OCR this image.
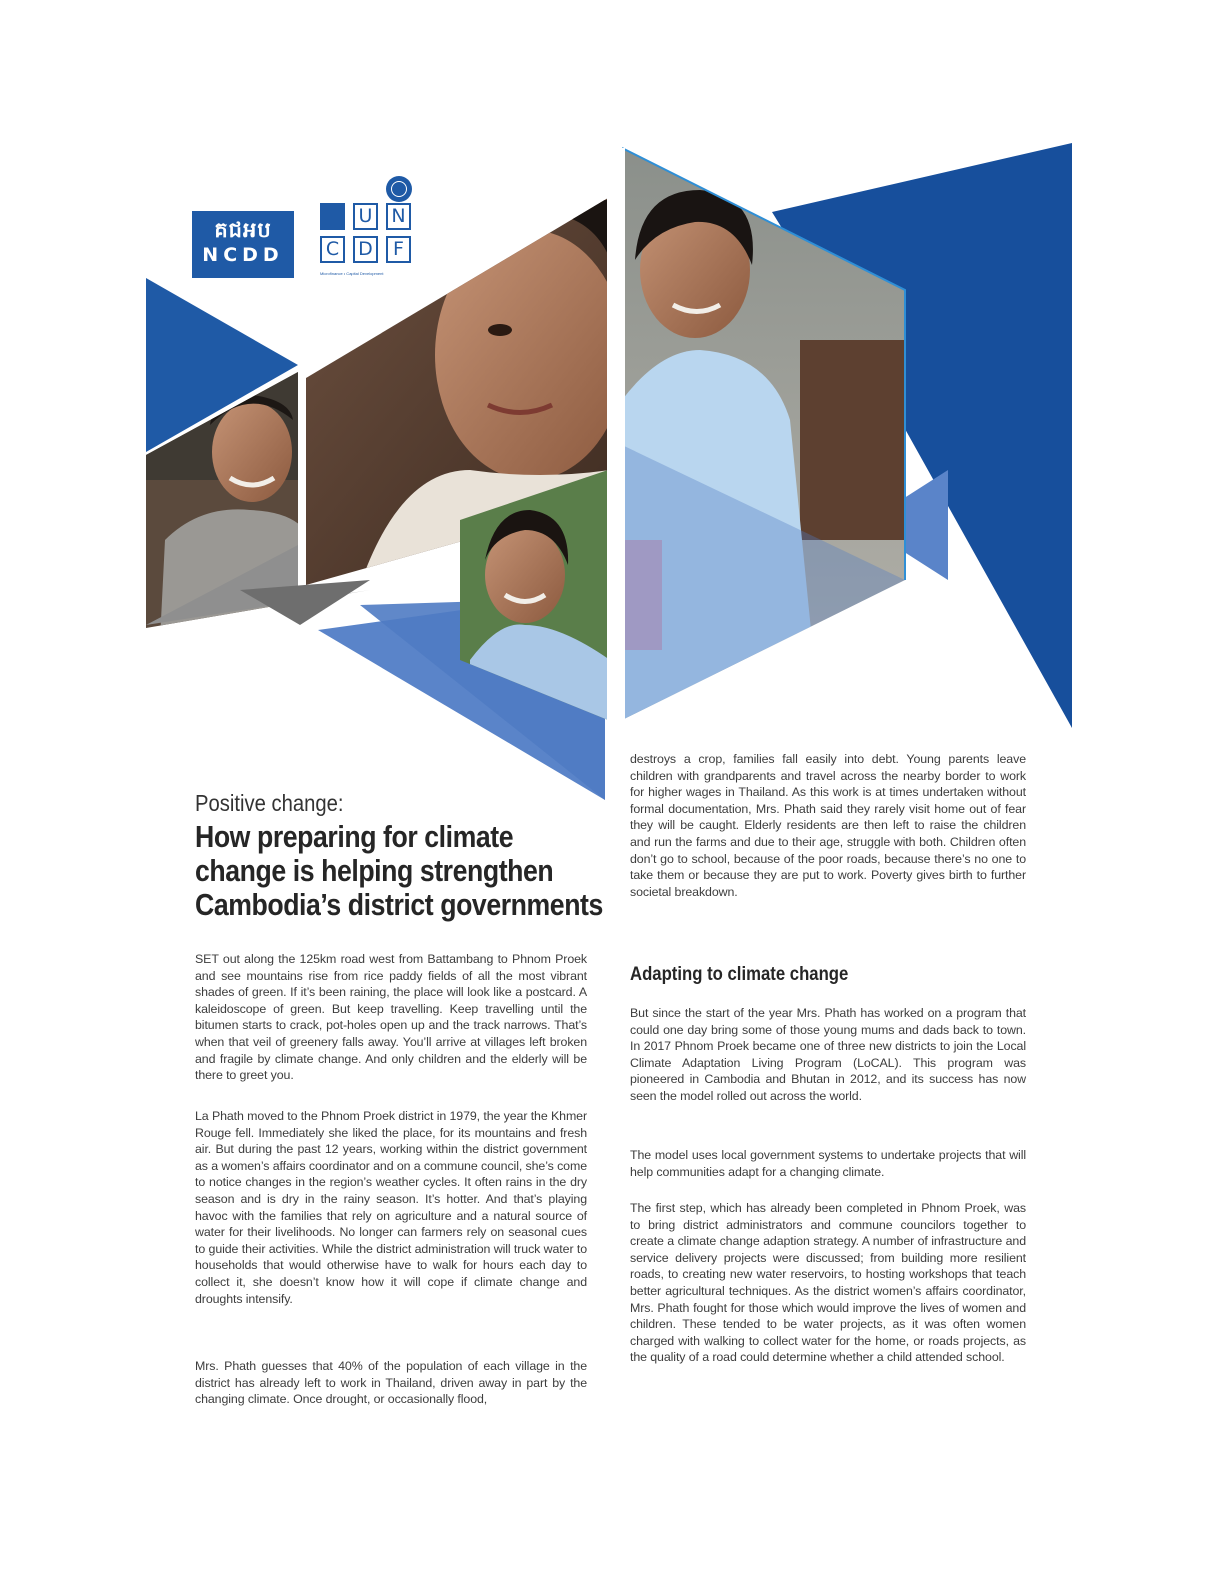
គជអប
NCDD
U N
C	D	F
Microfinance • Capital Development
Positive change:
How preparing for climate change is helping strengthen Cambodia’s district governments

SET out along the 125km road west from Battambang to Phnom Proek and see mountains rise from rice paddy fields of all the most vibrant shades of green. If it’s been raining, the place will look like a postcard. A kaleidoscope of green. But keep travelling. Keep travelling until the bitumen starts to crack, pot-holes open up and the track narrows. That’s when that veil of greenery falls away. You’ll arrive at villages left broken and fragile by climate change. And only children and the elderly will be there to greet you.

La Phath moved to the Phnom Proek district in 1979, the year the Khmer Rouge fell. Immediately she liked the place, for its mountains and fresh air. But during the past 12 years, working within the district government as a women’s affairs coordinator and on a commune council, she’s come to notice changes in the region’s weather cycles. It often rains in the dry season and is dry in the rainy season. It’s hotter. And that’s playing havoc with the families that rely on agriculture and a natural source of water for their livelihoods. No longer can farmers rely on seasonal cues to guide their activities. While the district administration will truck water to households that would otherwise have to walk for hours each day to collect it, she doesn’t know how it will cope if climate change and droughts intensify.

Mrs. Phath guesses that 40% of the population of each village in the district has already left to work in Thailand, driven away in part by the changing climate. Once drought, or occasionally flood,

destroys a crop, families fall easily into debt. Young parents leave children with grandparents and travel across the nearby border to work for higher wages in Thailand. As this work is at times undertaken without formal documentation, Mrs. Phath said they rarely visit home out of fear they will be caught. Elderly residents are then left to raise the children and run the farms and due to their age, struggle with both. Children often don’t go to school, because of the poor roads, because there’s no one to take them or because they are put to work. Poverty gives birth to further societal breakdown.

Adapting to climate change

But since the start of the year Mrs. Phath has worked on a program that could one day bring some of those young mums and dads back to town. In 2017 Phnom Proek became one of three new districts to join the Local Climate Adaptation Living Program (LoCAL). This program was pioneered in Cambodia and Bhutan in 2012, and its success has now seen the model rolled out across the world.

The model uses local government systems to undertake projects that will help communities adapt for a changing climate.

The first step, which has already been completed in Phnom Proek, was to bring district administrators and commune councilors together to create a climate change adaption strategy. A number of infrastructure and service delivery projects were discussed; from building more resilient roads, to creating new water reservoirs, to hosting workshops that teach better agricultural techniques. As the district women’s affairs coordinator, Mrs. Phath fought for those which would improve the lives of women and children. These tended to be water projects, as it was often women charged with walking to collect water for the home, or roads projects, as the quality of a road could determine whether a child attended school.
